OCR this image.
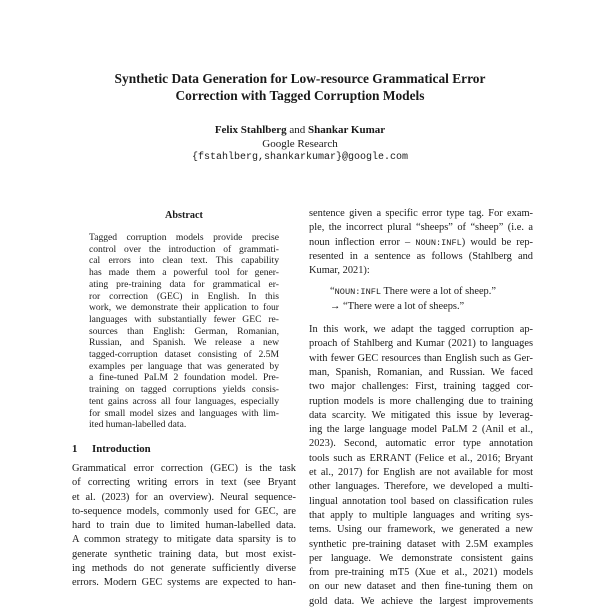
Synthetic Data Generation for Low-resource Grammatical Error
Correction with Tagged Corruption Models
Felix Stahlberg and Shankar Kumar
Google Research
{fstahlberg,shankarkumar}@google.com
Abstract
Tagged corruption models provide precise
control over the introduction of grammati-
cal errors into clean text. This capability
has made them a powerful tool for gener-
ating pre-training data for grammatical er-
ror correction (GEC) in English. In this
work, we demonstrate their application to four
languages with substantially fewer GEC re-
sources than English: German, Romanian,
Russian, and Spanish. We release a new
tagged-corruption dataset consisting of 2.5M
examples per language that was generated by
a fine-tuned PaLM 2 foundation model. Pre-
training on tagged corruptions yields consis-
tent gains across all four languages, especially
for small model sizes and languages with lim-
ited human-labelled data.
1 Introduction
Grammatical error correction (GEC) is the task
of correcting writing errors in text (see Bryant
et al. (2023) for an overview). Neural sequence-
to-sequence models, commonly used for GEC, are
hard to train due to limited human-labelled data.
A common strategy to mitigate data sparsity is to
generate synthetic training data, but most exist-
ing methods do not generate sufficiently diverse
errors. Modern GEC systems are expected to han-
sentence given a specific error type tag. For exam-
ple, the incorrect plural “sheeps” of “sheep” (i.e. a
noun inflection error – NOUN:INFL) would be rep-
resented in a sentence as follows (Stahlberg and
Kumar, 2021):
“NOUN:INFL There were a lot of sheep.”
→ “There were a lot of sheeps.”
In this work, we adapt the tagged corruption ap-
proach of Stahlberg and Kumar (2021) to languages
with fewer GEC resources than English such as Ger-
man, Spanish, Romanian, and Russian. We faced
two major challenges: First, training tagged cor-
ruption models is more challenging due to training
data scarcity. We mitigated this issue by leverag-
ing the large language model PaLM 2 (Anil et al.,
2023). Second, automatic error type annotation
tools such as ERRANT (Felice et al., 2016; Bryant
et al., 2017) for English are not available for most
other languages. Therefore, we developed a multi-
lingual annotation tool based on classification rules
that apply to multiple languages and writing sys-
tems. Using our framework, we generated a new
synthetic pre-training dataset with 2.5M examples
per language. We demonstrate consistent gains
from pre-training mT5 (Xue et al., 2021) models
on our new dataset and then fine-tuning them on
gold data. We achieve the largest improvements
